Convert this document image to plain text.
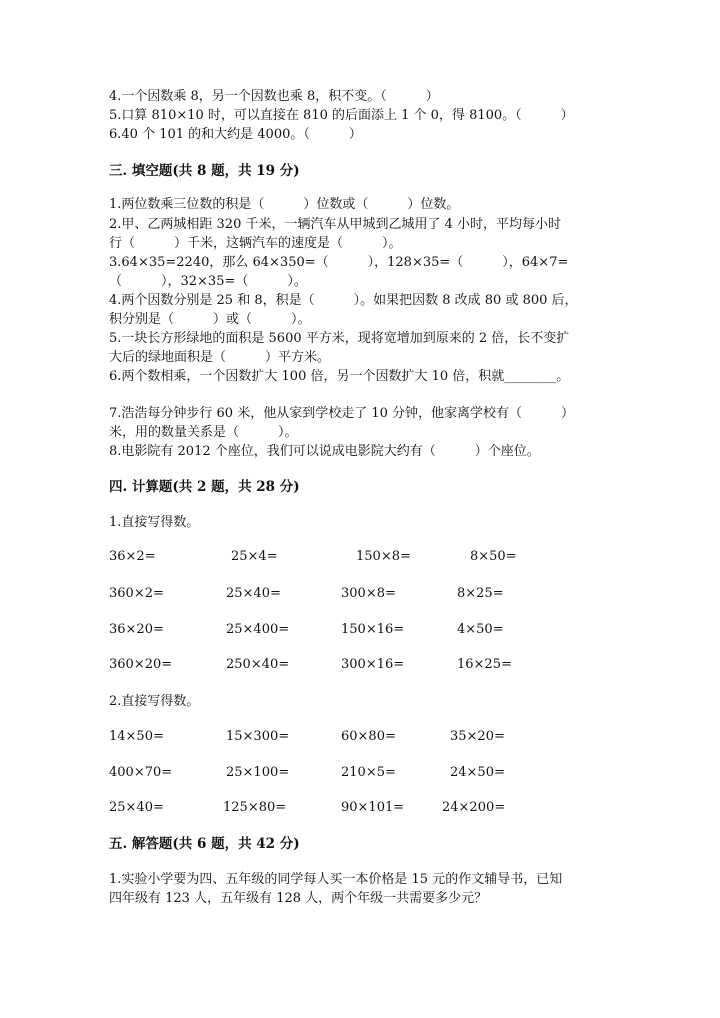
4.一个因数乘 8，另一个因数也乘 8，积不变。（　　　）
5.口算 810×10 时，可以直接在 810 的后面添上 1 个 0，得 8100。（　　　）
6.40 个 101 的和大约是 4000。（　　　）
三. 填空题(共 8 题，共 19 分)
1.两位数乘三位数的积是（　　　）位数或（　　　）位数。
2.甲、乙两城相距 320 千米，一辆汽车从甲城到乙城用了 4 小时，平均每小时
行（　　　）千米，这辆汽车的速度是（　　　）。
3.64×35=2240，那么 64×350=（　　　），128×35=（　　　），64×7=
（　　　），32×35=（　　　）。
4.两个因数分别是 25 和 8，积是（　　　）。如果把因数 8 改成 80 或 800 后，
积分别是（　　　）或（　　　）。
5.一块长方形绿地的面积是 5600 平方米，现将宽增加到原来的 2 倍，长不变扩
大后的绿地面积是（　　　）平方米。
6.两个数相乘，一个因数扩大 100 倍，另一个因数扩大 10 倍，积就________。
7.浩浩每分钟步行 60 米，他从家到学校走了 10 分钟，他家离学校有（　　　）
米，用的数量关系是（　　　）。
8.电影院有 2012 个座位，我们可以说成电影院大约有（　　　）个座位。
四. 计算题(共 2 题，共 28 分)
1.直接写得数。
36×2=	25×4=	150×8=	8×50=
360×2=	25×40=	300×8=	8×25=
36×20=	25×400=	150×16=	4×50=
360×20=	250×40=	300×16=	16×25=
2.直接写得数。
14×50=	15×300=	60×80=	35×20=
400×70=	25×100=	210×5=	24×50=
25×40=	125×80=	90×101=	24×200=
五. 解答题(共 6 题，共 42 分)
1.实验小学要为四、五年级的同学每人买一本价格是 15 元的作文辅导书，已知
四年级有 123 人，五年级有 128 人，两个年级一共需要多少元？
